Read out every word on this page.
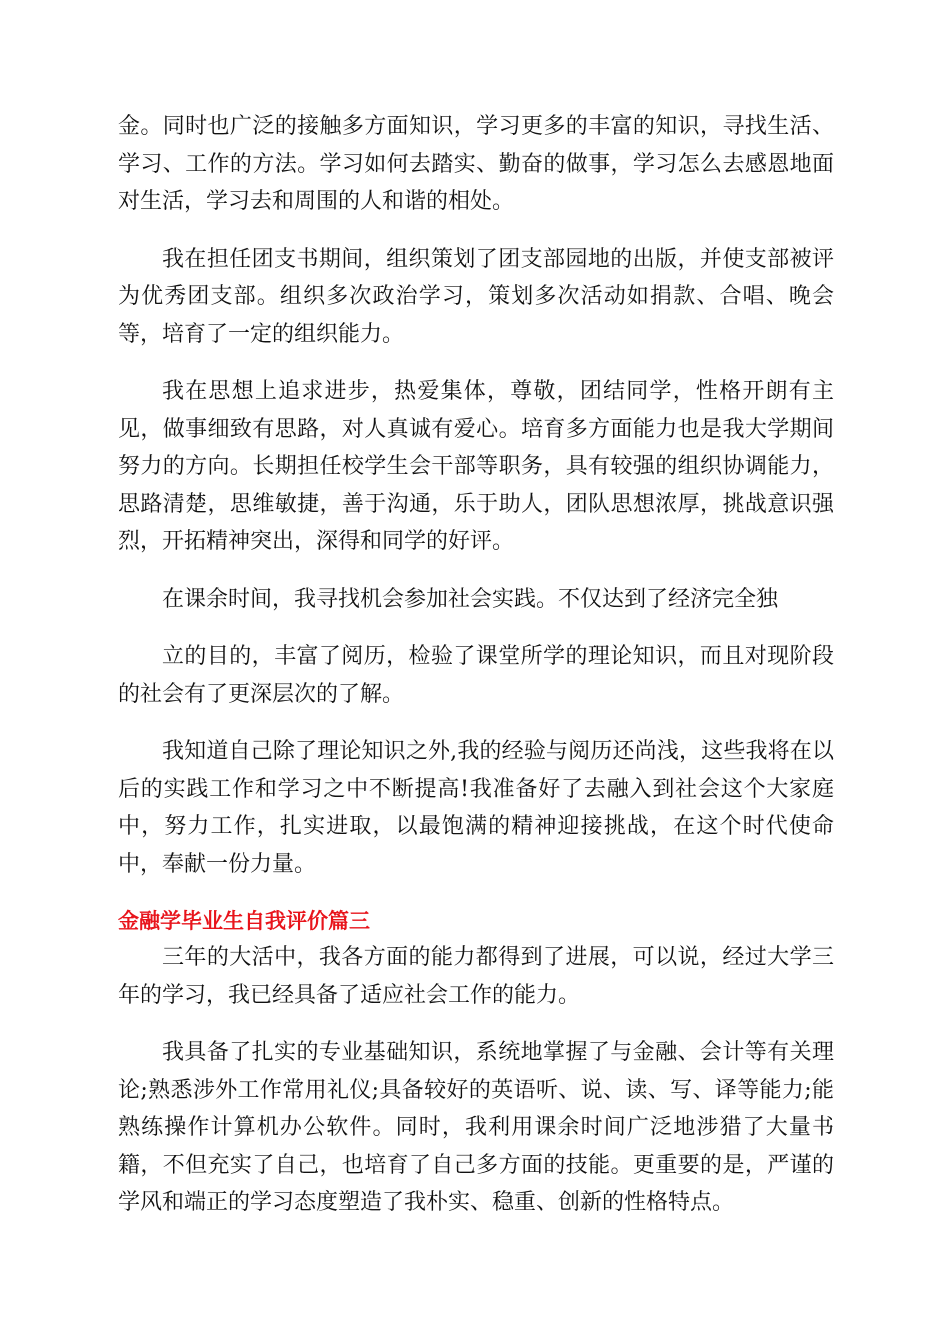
金。同时也广泛的接触多方面知识，学习更多的丰富的知识，寻找生活、学习、工作的方法。学习如何去踏实、勤奋的做事，学习怎么去感恩地面对生活，学习去和周围的人和谐的相处。

我在担任团支书期间，组织策划了团支部园地的出版，并使支部被评为优秀团支部。组织多次政治学习，策划多次活动如捐款、合唱、晚会等，培育了一定的组织能力。

我在思想上追求进步，热爱集体，尊敬，团结同学，性格开朗有主见，做事细致有思路，对人真诚有爱心。培育多方面能力也是我大学期间努力的方向。长期担任校学生会干部等职务，具有较强的组织协调能力，思路清楚，思维敏捷，善于沟通，乐于助人，团队思想浓厚，挑战意识强烈，开拓精神突出，深得和同学的好评。

在课余时间，我寻找机会参加社会实践。不仅达到了经济完全独

立的目的，丰富了阅历，检验了课堂所学的理论知识，而且对现阶段的社会有了更深层次的了解。

我知道自己除了理论知识之外,我的经验与阅历还尚浅，这些我将在以后的实践工作和学习之中不断提高!我准备好了去融入到社会这个大家庭中，努力工作，扎实进取，以最饱满的精神迎接挑战，在这个时代使命中，奉献一份力量。

金融学毕业生自我评价篇三

三年的大活中，我各方面的能力都得到了进展，可以说，经过大学三年的学习，我已经具备了适应社会工作的能力。

我具备了扎实的专业基础知识，系统地掌握了与金融、会计等有关理论;熟悉涉外工作常用礼仪;具备较好的英语听、说、读、写、译等能力;能熟练操作计算机办公软件。同时，我利用课余时间广泛地涉猎了大量书籍，不但充实了自己，也培育了自己多方面的技能。更重要的是，严谨的学风和端正的学习态度塑造了我朴实、稳重、创新的性格特点。
